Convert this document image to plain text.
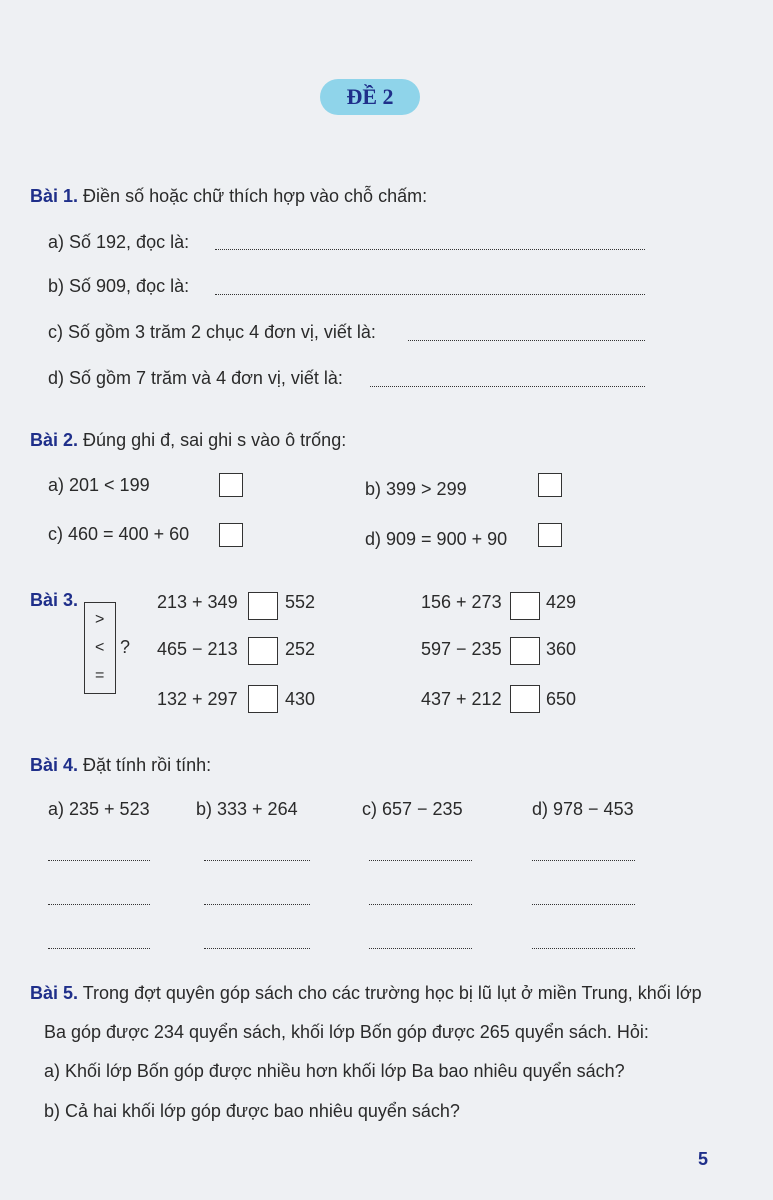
ĐỀ 2
Bài 1. Điền số hoặc chữ thích hợp vào chỗ chấm:
a) Số 192, đọc là:
b) Số 909, đọc là:
c) Số gồm 3 trăm 2 chục 4 đơn vị, viết là:
d) Số gồm 7 trăm và 4 đơn vị, viết là:
Bài 2. Đúng ghi đ, sai ghi s vào ô trống:
a) 201 < 199	b) 399 > 299
c) 460 = 400 + 60	d) 909 = 900 + 90
Bài 3.
>
<
=
?
213 + 349	552	156 + 273 429
465 − 213	252	597 − 235 360
132 + 297	430	437 + 212 650
Bài 4. Đặt tính rồi tính:
a) 235 + 523	b) 333 + 264	c) 657 − 235	d) 978 − 453
Bài 5. Trong đợt quyên góp sách cho các trường học bị lũ lụt ở miền Trung, khối lớp
Ba góp được 234 quyển sách, khối lớp Bốn góp được 265 quyển sách. Hỏi:
a) Khối lớp Bốn góp được nhiều hơn khối lớp Ba bao nhiêu quyển sách?
b) Cả hai khối lớp góp được bao nhiêu quyển sách?
5
